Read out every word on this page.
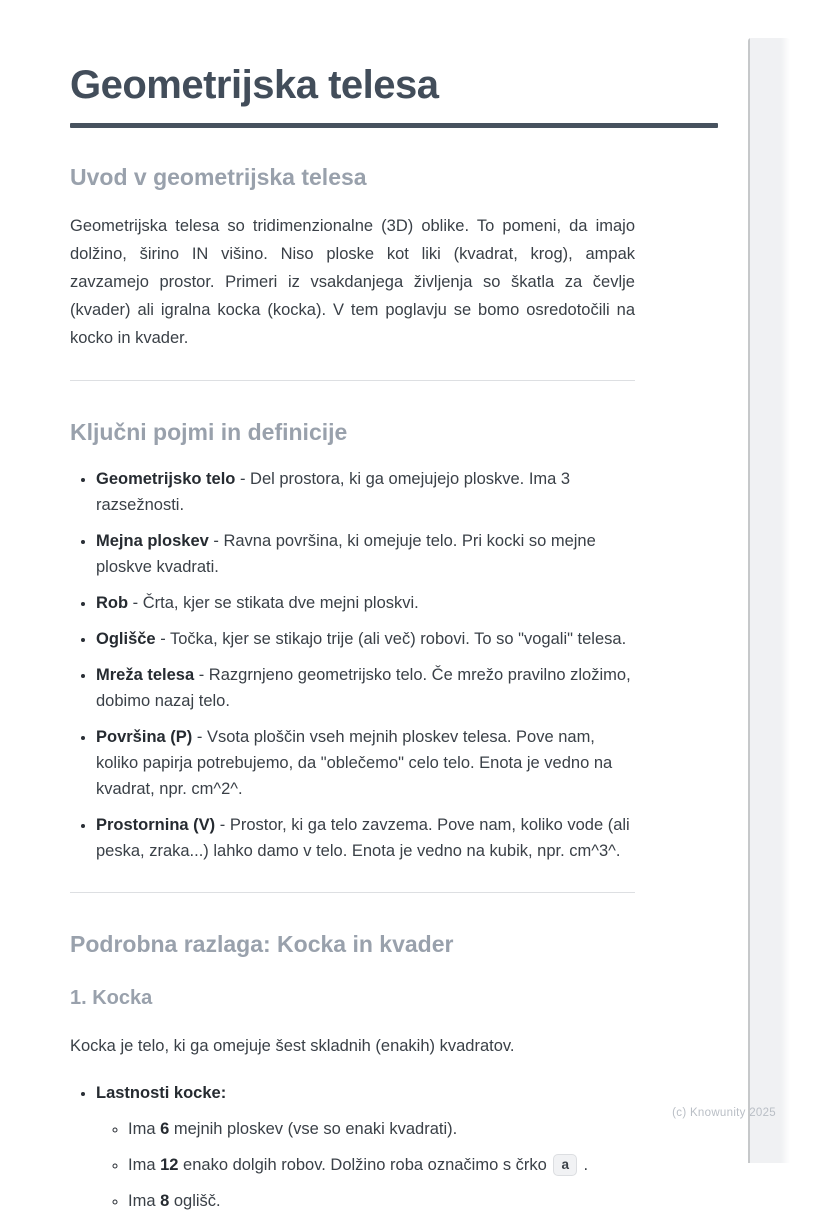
Geometrijska telesa
Uvod v geometrijska telesa

Geometrijska telesa so tridimenzionalne (3D) oblike. To pomeni, da imajo dolžino, širino IN višino. Niso ploske kot liki (kvadrat, krog), ampak zavzamejo prostor. Primeri iz vsakdanjega življenja so škatla za čevlje (kvader) ali igralna kocka (kocka). V tem poglavju se bomo osredotočili na kocko in kvader.

Ključni pojmi in definicije
• Geometrijsko telo - Del prostora, ki ga omejujejo ploskve. Ima 3 razsežnosti.
• Mejna ploskev - Ravna površina, ki omejuje telo. Pri kocki so mejne ploskve kvadrati.
• Rob - Črta, kjer se stikata dve mejni ploskvi.
• Oglišče - Točka, kjer se stikajo trije (ali več) robovi. To so "vogali" telesa.
• Mreža telesa - Razgrnjeno geometrijsko telo. Če mrežo pravilno zložimo, dobimo nazaj telo.
• Površina (P) - Vsota ploščin vseh mejnih ploskev telesa. Pove nam, koliko papirja potrebujemo, da "oblečemo" celo telo. Enota je vedno na kvadrat, npr. cm^2^.
• Prostornina (V) - Prostor, ki ga telo zavzema. Pove nam, koliko vode (ali peska, zraka...) lahko damo v telo. Enota je vedno na kubik, npr. cm^3^.
Podrobna razlaga: Kocka in kvader
1. Kocka

Kocka je telo, ki ga omejuje šest skladnih (enakih) kvadratov.

• Lastnosti kocke:
◦ Ima 6 mejnih ploskev (vse so enaki kvadrati).
◦ Ima 12 enako dolgih robov. Dolžino roba označimo s črko a .
◦ Ima 8 oglišč.
(c) Knowunity 2025
